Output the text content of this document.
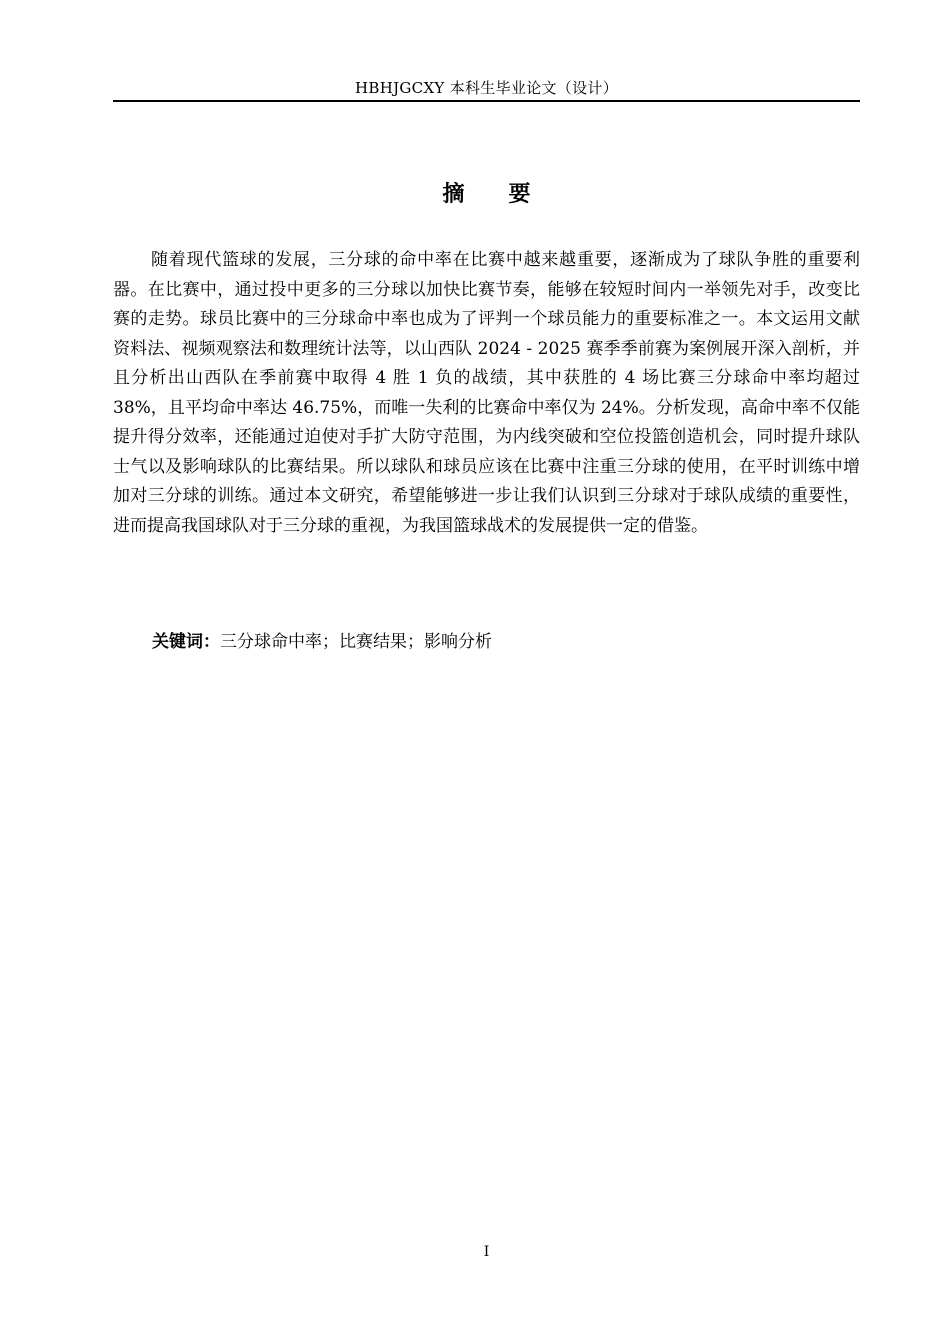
HBHJGCXY 本科生毕业论文（设计）
摘 要

随着现代篮球的发展，三分球的命中率在比赛中越来越重要，逐渐成为了球队争胜的重要利器。在比赛中，通过投中更多的三分球以加快比赛节奏，能够在较短时间内一举领先对手，改变比赛的走势。球员比赛中的三分球命中率也成为了评判一个球员能力的重要标准之一。本文运用文献资料法、视频观察法和数理统计法等，以山西队 2024 - 2025 赛季季前赛为案例展开深入剖析，并且分析出山西队在季前赛中取得 4 胜 1 负的战绩，其中获胜的 4 场比赛三分球命中率均超过 38%，且平均命中率达 46.75%，而唯一失利的比赛命中率仅为 24%。分析发现，高命中率不仅能提升得分效率，还能通过迫使对手扩大防守范围，为内线突破和空位投篮创造机会，同时提升球队士气以及影响球队的比赛结果。所以球队和球员应该在比赛中注重三分球的使用，在平时训练中增加对三分球的训练。通过本文研究，希望能够进一步让我们认识到三分球对于球队成绩的重要性，进而提高我国球队对于三分球的重视，为我国篮球战术的发展提供一定的借鉴。

关键词：三分球命中率；比赛结果；影响分析
I
